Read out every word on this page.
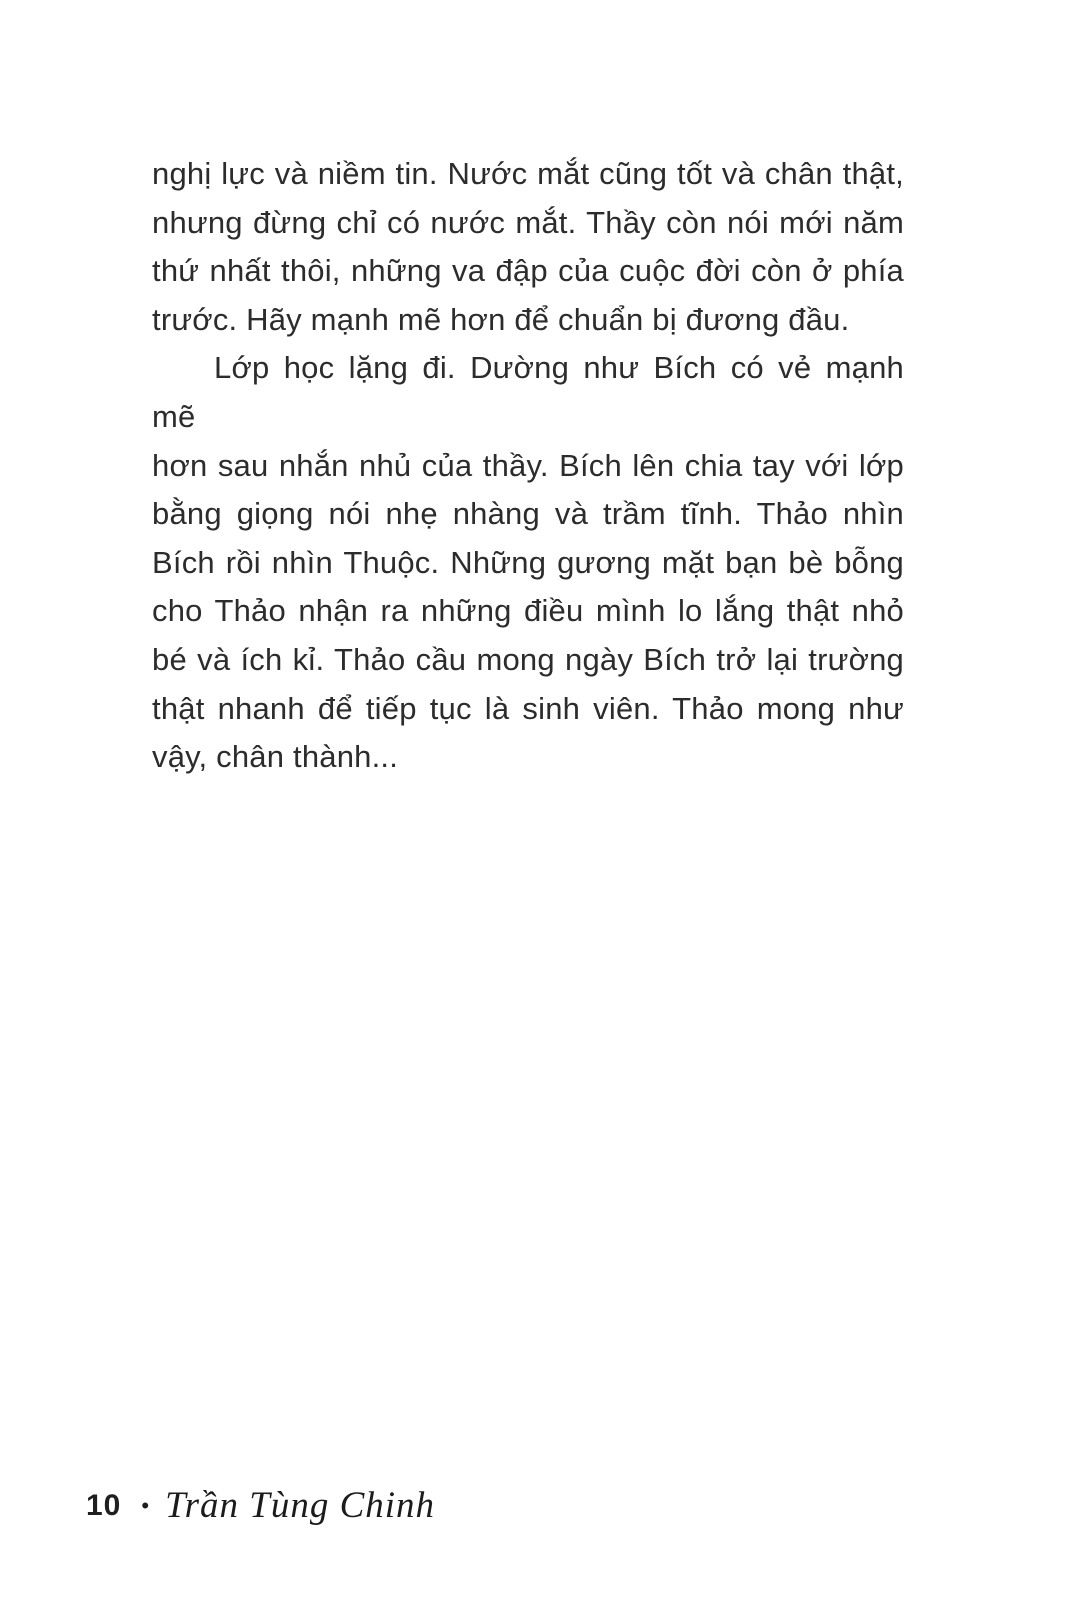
nghị lực và niềm tin. Nước mắt cũng tốt và chân thật,
nhưng đừng chỉ có nước mắt. Thầy còn nói mới năm
thứ nhất thôi, những va đập của cuộc đời còn ở phía
trước. Hãy mạnh mẽ hơn để chuẩn bị đương đầu.
Lớp học lặng đi. Dường như Bích có vẻ mạnh mẽ
hơn sau nhắn nhủ của thầy. Bích lên chia tay với lớp
bằng giọng nói nhẹ nhàng và trầm tĩnh. Thảo nhìn
Bích rồi nhìn Thuộc. Những gương mặt bạn bè bỗng
cho Thảo nhận ra những điều mình lo lắng thật nhỏ
bé và ích kỉ. Thảo cầu mong ngày Bích trở lại trường
thật nhanh để tiếp tục là sinh viên. Thảo mong như
vậy, chân thành...
10 • Trần Tùng Chinh
